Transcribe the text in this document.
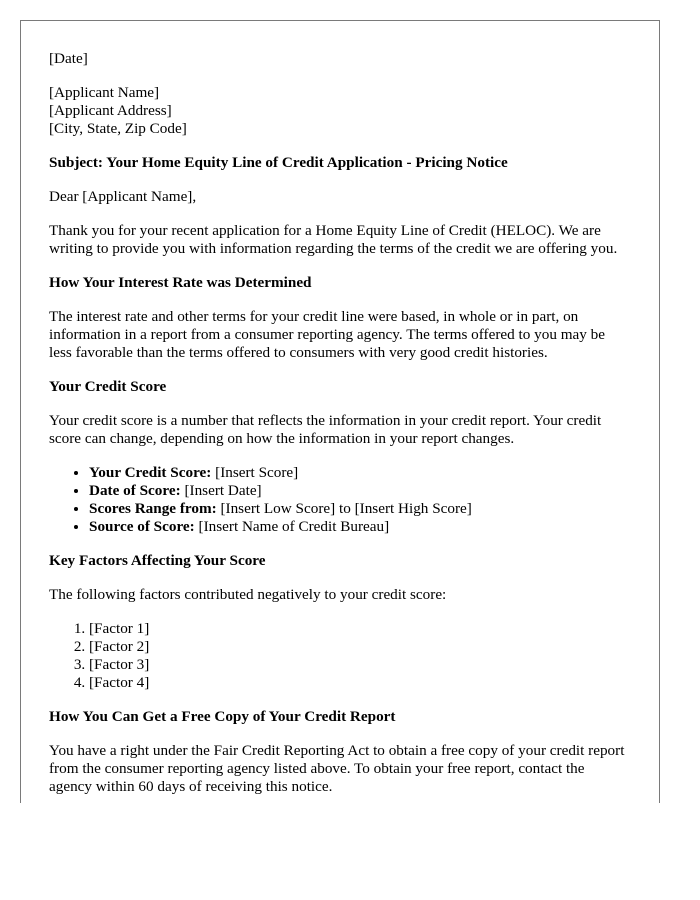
[Date]

[Applicant Name]
[Applicant Address]
[City, State, Zip Code]

Subject: Your Home Equity Line of Credit Application - Pricing Notice

Dear [Applicant Name],

Thank you for your recent application for a Home Equity Line of Credit (HELOC). We are writing to provide you with information regarding the terms of the credit we are offering you.

How Your Interest Rate was Determined

The interest rate and other terms for your credit line were based, in whole or in part, on information in a report from a consumer reporting agency. The terms offered to you may be less favorable than the terms offered to consumers with very good credit histories.

Your Credit Score

Your credit score is a number that reflects the information in your credit report. Your credit score can change, depending on how the information in your report changes.

• Your Credit Score: [Insert Score]
• Date of Score: [Insert Date]
• Scores Range from: [Insert Low Score] to [Insert High Score]
• Source of Score: [Insert Name of Credit Bureau]

Key Factors Affecting Your Score

The following factors contributed negatively to your credit score:

1. [Factor 1]
2. [Factor 2]
3. [Factor 3]
4. [Factor 4]

How You Can Get a Free Copy of Your Credit Report

You have a right under the Fair Credit Reporting Act to obtain a free copy of your credit report from the consumer reporting agency listed above. To obtain your free report, contact the agency within 60 days of receiving this notice.
